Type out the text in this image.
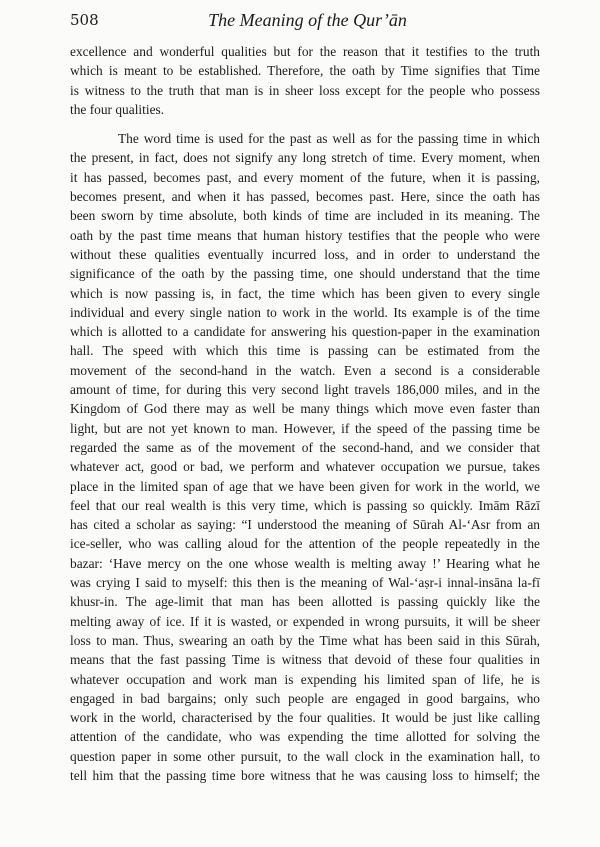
508	The Meaning of the Qur’ān
excellence and wonderful qualities but for the reason that it testifies to the truth
which is meant to be established. Therefore, the oath by Time signifies that Time
is witness to the truth that man is in sheer loss except for the people who possess
the four qualities.
The word time is used for the past as well as for the passing time in which
the present, in fact, does not signify any long stretch of time. Every moment, when
it has passed, becomes past, and every moment of the future, when it is passing,
becomes present, and when it has passed, becomes past. Here, since the oath has
been sworn by time absolute, both kinds of time are included in its meaning. The
oath by the past time means that human history testifies that the people who were
without these qualities eventually incurred loss, and in order to understand the
significance of the oath by the passing time, one should understand that the time
which is now passing is, in fact, the time which has been given to every single
individual and every single nation to work in the world. Its example is of the time
which is allotted to a candidate for answering his question-paper in the examination
hall. The speed with which this time is passing can be estimated from the
movement of the second-hand in the watch. Even a second is a considerable
amount of time, for during this very second light travels 186,000 miles, and in the
Kingdom of God there may as well be many things which move even faster than
light, but are not yet known to man. However, if the speed of the passing time be
regarded the same as of the movement of the second-hand, and we consider that
whatever act, good or bad, we perform and whatever occupation we pursue, takes
place in the limited span of age that we have been given for work in the world, we
feel that our real wealth is this very time, which is passing so quickly. Imām Rāzī
has cited a scholar as saying: “I understood the meaning of Sūrah Al-‘Asr from an
ice-seller, who was calling aloud for the attention of the people repeatedly in the
bazar: ‘Have mercy on the one whose wealth is melting away !’ Hearing what he
was crying I said to myself: this then is the meaning of Wal-‘aṣr-i innal-insāna la-fī
khusr-in. The age-limit that man has been allotted is passing quickly like the
melting away of ice. If it is wasted, or expended in wrong pursuits, it will be sheer
loss to man. Thus, swearing an oath by the Time what has been said in this Sūrah,
means that the fast passing Time is witness that devoid of these four qualities in
whatever occupation and work man is expending his limited span of life, he is
engaged in bad bargains; only such people are engaged in good bargains, who
work in the world, characterised by the four qualities. It would be just like calling
attention of the candidate, who was expending the time allotted for solving the
question paper in some other pursuit, to the wall clock in the examination hall, to
tell him that the passing time bore witness that he was causing loss to himself; the
